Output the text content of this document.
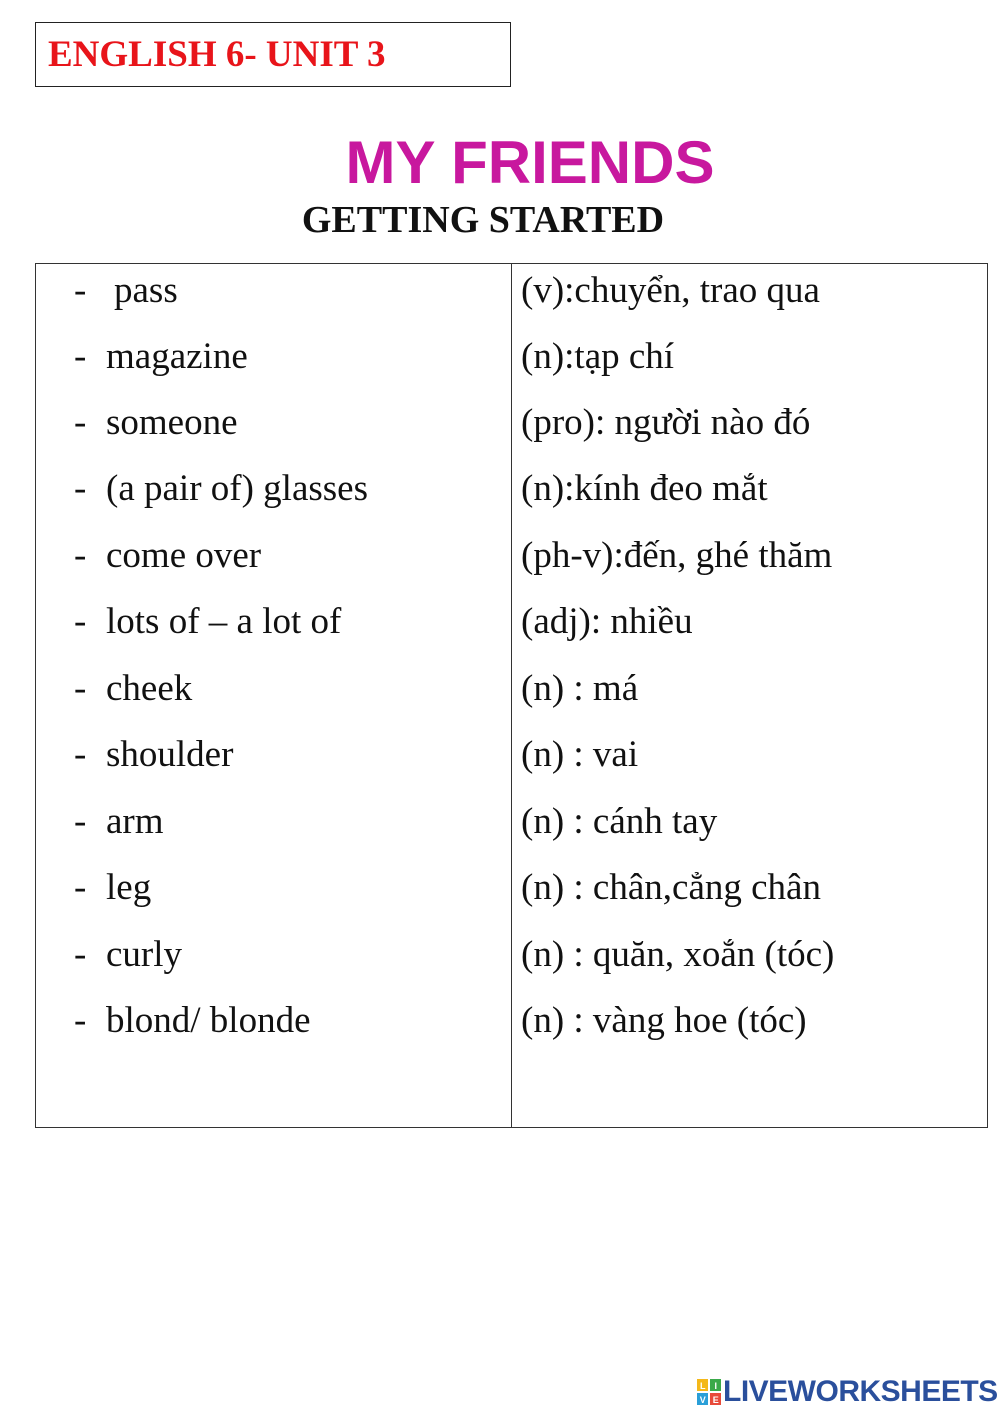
ENGLISH 6- UNIT 3
MY FRIENDS
GETTING STARTED
- pass	(v):chuyển, trao qua
- magazine	(n):tạp chí
- someone	(pro): người nào đó
- (a pair of) glasses	(n):kính đeo mắt
- come over	(ph-v):đến, ghé thăm
- lots of – a lot of	(adj): nhiều
- cheek	(n) : má
- shoulder	(n) : vai
- arm	(n) : cánh tay
- leg	(n) : chân,cẳng chân
- curly	(n) : quăn, xoắn (tóc)
- blond/ blonde	(n) : vàng hoe (tóc)
L I
V E LIVEWORKSHEETS
